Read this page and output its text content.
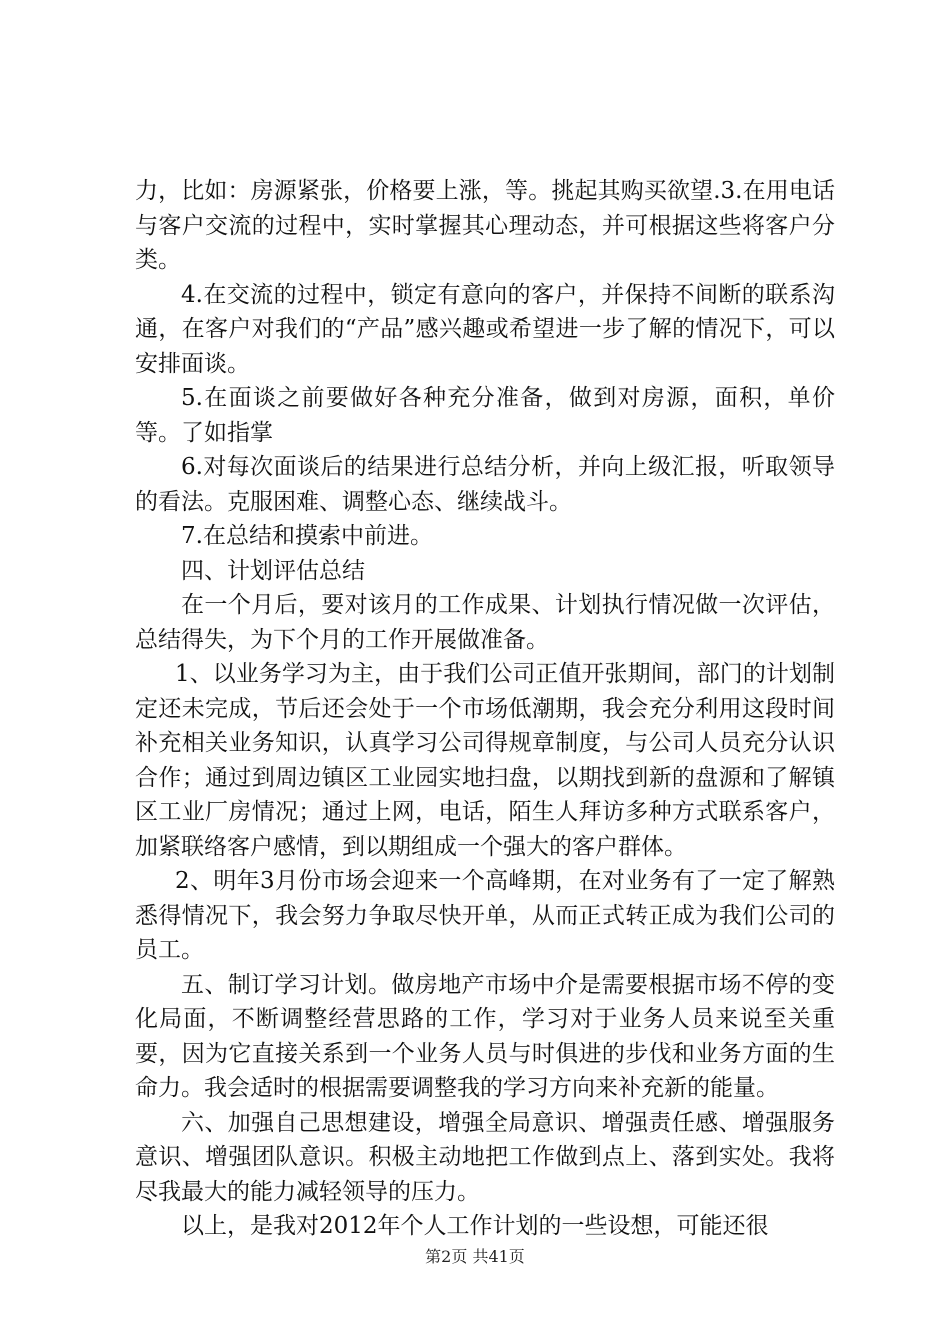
力，比如：房源紧张，价格要上涨，等。挑起其购买欲望.3.在用电话与客户交流的过程中，实时掌握其心理动态，并可根据这些将客户分类。

4.在交流的过程中，锁定有意向的客户，并保持不间断的联系沟通，在客户对我们的“产品”感兴趣或希望进一步了解的情况下，可以安排面谈。

5.在面谈之前要做好各种充分准备，做到对房源，面积，单价等。了如指掌

6.对每次面谈后的结果进行总结分析，并向上级汇报，听取领导的看法。克服困难、调整心态、继续战斗。

7.在总结和摸索中前进。

四、计划评估总结

在一个月后，要对该月的工作成果、计划执行情况做一次评估，总结得失，为下个月的工作开展做准备。

1、以业务学习为主，由于我们公司正值开张期间，部门的计划制定还未完成，节后还会处于一个市场低潮期，我会充分利用这段时间补充相关业务知识，认真学习公司得规章制度，与公司人员充分认识合作；通过到周边镇区工业园实地扫盘，以期找到新的盘源和了解镇区工业厂房情况；通过上网，电话，陌生人拜访多种方式联系客户，加紧联络客户感情，到以期组成一个强大的客户群体。

2、明年3月份市场会迎来一个高峰期，在对业务有了一定了解熟悉得情况下，我会努力争取尽快开单，从而正式转正成为我们公司的员工。

五、制订学习计划。做房地产市场中介是需要根据市场不停的变化局面，不断调整经营思路的工作，学习对于业务人员来说至关重要，因为它直接关系到一个业务人员与时俱进的步伐和业务方面的生命力。我会适时的根据需要调整我的学习方向来补充新的能量。

六、加强自己思想建设，增强全局意识、增强责任感、增强服务意识、增强团队意识。积极主动地把工作做到点上、落到实处。我将尽我最大的能力减轻领导的压力。

以上，是我对2012年个人工作计划的一些设想，可能还很

第2页 共41页
